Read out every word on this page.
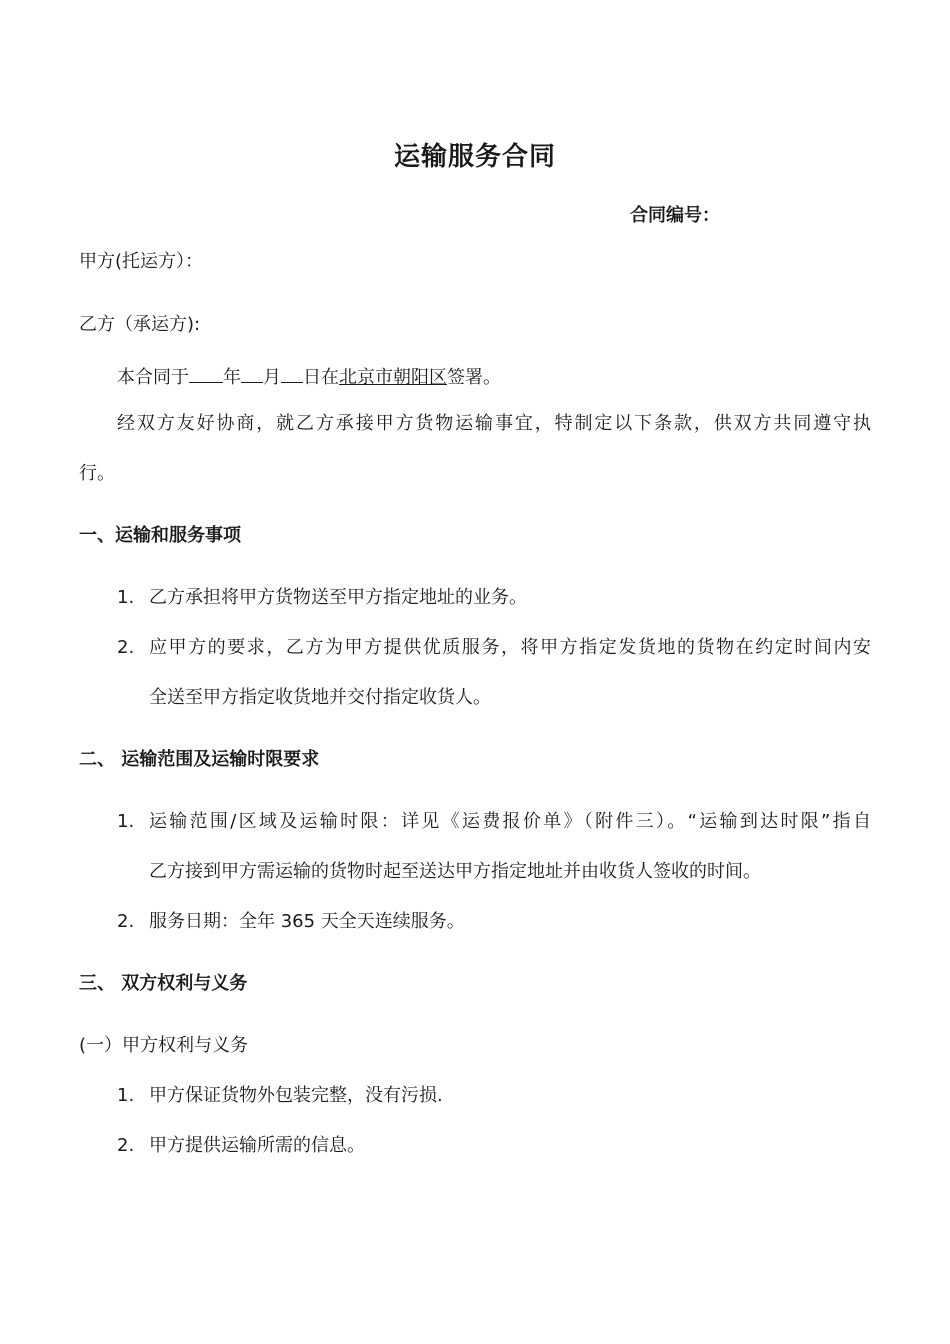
运输服务合同
合同编号：
甲方(托运方）：
乙方（承运方):
本合同于 年 月 日在北京市朝阳区签署。
经双方友好协商，就乙方承接甲方货物运输事宜，特制定以下条款，供双方共同遵守执
行。
一、运输和服务事项
1. 乙方承担将甲方货物送至甲方指定地址的业务。
2. 应甲方的要求，乙方为甲方提供优质服务，将甲方指定发货地的货物在约定时间内安
全送至甲方指定收货地并交付指定收货人。
二、 运输范围及运输时限要求
1. 运输范围/区域及运输时限：详见《运费报价单》（附件三）。“运输到达时限”指自
乙方接到甲方需运输的货物时起至送达甲方指定地址并由收货人签收的时间。
2. 服务日期：全年 365 天全天连续服务。
三、 双方权利与义务
(一）甲方权利与义务
1. 甲方保证货物外包装完整，没有污损.
2. 甲方提供运输所需的信息。
